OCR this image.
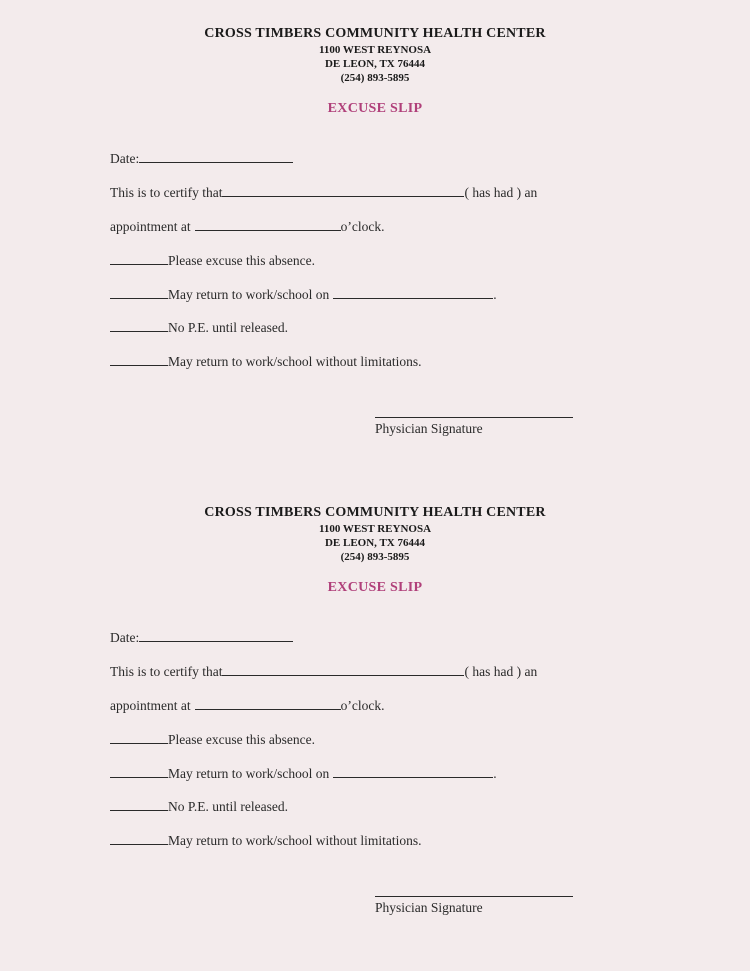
CROSS TIMBERS COMMUNITY HEALTH CENTER
1100 WEST REYNOSA
DE LEON, TX 76444
(254) 893-5895
EXCUSE SLIP
Date:
This is to certify that	( has had ) an
appointment at	o’clock.
Please excuse this absence.
May return to work/school on	.
No P.E. until released.
May return to work/school without limitations.
Physician Signature
CROSS TIMBERS COMMUNITY HEALTH CENTER
1100 WEST REYNOSA
DE LEON, TX 76444
(254) 893-5895
EXCUSE SLIP
Date:
This is to certify that	( has had ) an
appointment at	o’clock.
Please excuse this absence.
May return to work/school on	.
No P.E. until released.
May return to work/school without limitations.
Physician Signature
